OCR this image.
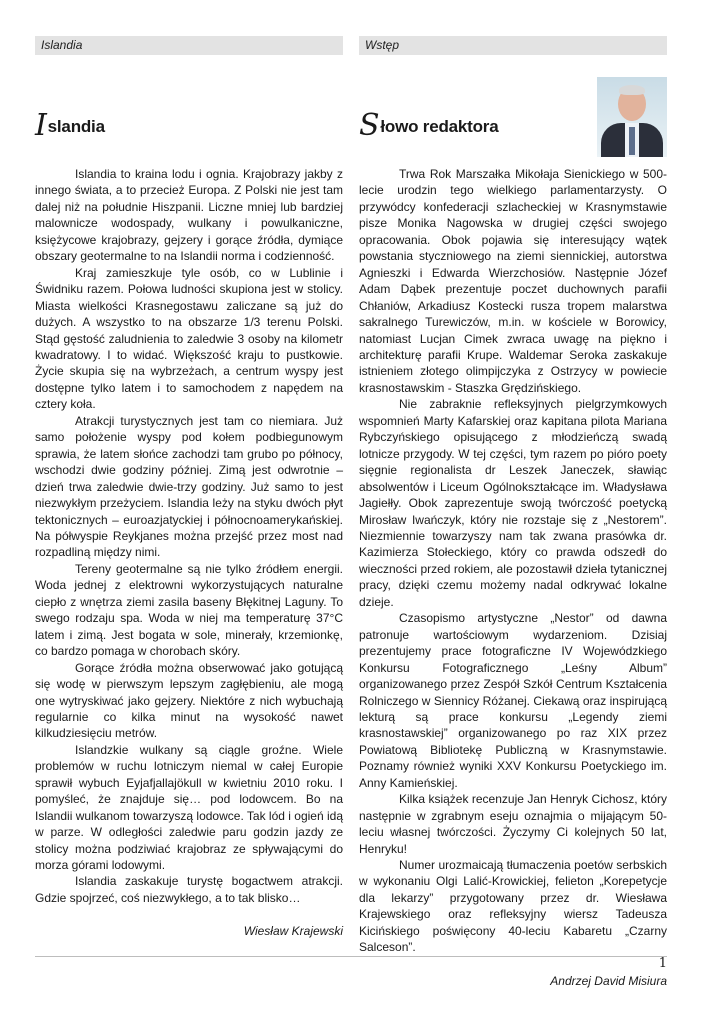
Islandia
Islandia

Islandia to kraina lodu i ognia. Krajobrazy jakby z innego świata, a to przecież Europa. Z Polski nie jest tam dalej niż na południe Hiszpanii. Liczne mniej lub bardziej malownicze wodospady, wulkany i powulkaniczne, księżycowe krajobrazy, gejzery i gorące źródła, dymiące obszary geotermalne to na Islandii norma i codzienność.

Kraj zamieszkuje tyle osób, co w Lublinie i Świdniku razem. Połowa ludności skupiona jest w stolicy. Miasta wielkości Krasnegostawu zaliczane są już do dużych. A wszystko to na obszarze 1/3 terenu Polski. Stąd gęstość zaludnienia to zaledwie 3 osoby na kilometr kwadratowy. I to widać. Większość kraju to pustkowie. Życie skupia się na wybrzeżach, a centrum wyspy jest dostępne tylko latem i to samochodem z napędem na cztery koła.

Atrakcji turystycznych jest tam co niemiara. Już samo położenie wyspy pod kołem podbiegunowym sprawia, że latem słońce zachodzi tam grubo po północy, wschodzi dwie godziny później. Zimą jest odwrotnie – dzień trwa zaledwie dwie-trzy godziny. Już samo to jest niezwykłym przeżyciem. Islandia leży na styku dwóch płyt tektonicznych – euroazjatyckiej i północnoamerykańskiej. Na półwyspie Reykjanes można przejść przez most nad rozpadliną między nimi.

Tereny geotermalne są nie tylko źródłem energii. Woda jednej z elektrowni wykorzystujących naturalne ciepło z wnętrza ziemi zasila baseny Błękitnej Laguny. To swego rodzaju spa. Woda w niej ma temperaturę 37°C latem i zimą. Jest bogata w sole, minerały, krzemionkę, co bardzo pomaga w chorobach skóry.

Gorące źródła można obserwować jako gotującą się wodę w pierwszym lepszym zagłębieniu, ale mogą one wytryskiwać jako gejzery. Niektóre z nich wybuchają regularnie co kilka minut na wysokość nawet kilkudziesięciu metrów.

Islandzkie wulkany są ciągle groźne. Wiele problemów w ruchu lotniczym niemal w całej Europie sprawił wybuch Eyjafjallajökull w kwietniu 2010 roku. I pomyśleć, że znajduje się… pod lodowcem. Bo na Islandii wulkanom towarzyszą lodowce. Tak lód i ogień idą w parze. W odległości zaledwie paru godzin jazdy ze stolicy można podziwiać krajobraz ze spływającymi do morza górami lodowymi.

Islandia zaskakuje turystę bogactwem atrakcji. Gdzie spojrzeć, coś niezwykłego, a to tak blisko…

Wiesław Krajewski
Wstęp
Słowo redaktora

Trwa Rok Marszałka Mikołaja Sienickiego w 500-lecie urodzin tego wielkiego parlamentarzysty. O przywódcy konfederacji szlacheckiej w Krasnymstawie pisze Monika Nagowska w drugiej części swojego opracowania. Obok pojawia się interesujący wątek powstania styczniowego na ziemi siennickiej, autorstwa Agnieszki i Edwarda Wierzchosiów. Następnie Józef Adam Dąbek prezentuje poczet duchownych parafii Chłaniów, Arkadiusz Kostecki rusza tropem malarstwa sakralnego Turewiczów, m.in. w kościele w Borowicy, natomiast Lucjan Cimek zwraca uwagę na piękno i architekturę parafii Krupe. Waldemar Seroka zaskakuje istnieniem złotego olimpijczyka z Ostrzycy w powiecie krasnostawskim - Staszka Grędzińskiego.

Nie zabraknie refleksyjnych pielgrzymkowych wspomnień Marty Kafarskiej oraz kapitana pilota Mariana Rybczyńskiego opisującego z młodzieńczą swadą lotnicze przygody. W tej części, tym razem po pióro poety sięgnie regionalista dr Leszek Janeczek, sławiąc absolwentów i Liceum Ogólnokształcące im. Władysława Jagiełły. Obok zaprezentuje swoją twórczość poetycką Mirosław Iwańczyk, który nie rozstaje się z „Nestorem”. Niezmiennie towarzyszy nam tak zwana prasówka dr. Kazimierza Stołeckiego, który co prawda odszedł do wieczności przed rokiem, ale pozostawił dzieła tytanicznej pracy, dzięki czemu możemy nadal odkrywać lokalne dzieje.

Czasopismo artystyczne „Nestor” od dawna patronuje wartościowym wydarzeniom. Dzisiaj prezentujemy prace fotograficzne IV Wojewódzkiego Konkursu Fotograficznego „Leśny Album” organizowanego przez Zespół Szkół Centrum Kształcenia Rolniczego w Siennicy Różanej. Ciekawą oraz inspirującą lekturą są prace konkursu „Legendy ziemi krasnostawskiej” organizowanego po raz XIX przez Powiatową Bibliotekę Publiczną w Krasnymstawie. Poznamy również wyniki XXV Konkursu Poetyckiego im. Anny Kamieńskiej.

Kilka książek recenzuje Jan Henryk Cichosz, który następnie w zgrabnym eseju oznajmia o mijającym 50-leciu własnej twórczości. Życzymy Ci kolejnych 50 lat, Henryku!

Numer urozmaicają tłumaczenia poetów serbskich w wykonaniu Olgi Lalić-Krowickiej, felieton „Korepetycje dla lekarzy” przygotowany przez dr. Wiesława Krajewskiego oraz refleksyjny wiersz Tadeusza Kicińskiego poświęcony 40-leciu Kabaretu „Czarny Salceson”.

Andrzej David Misiura
1
